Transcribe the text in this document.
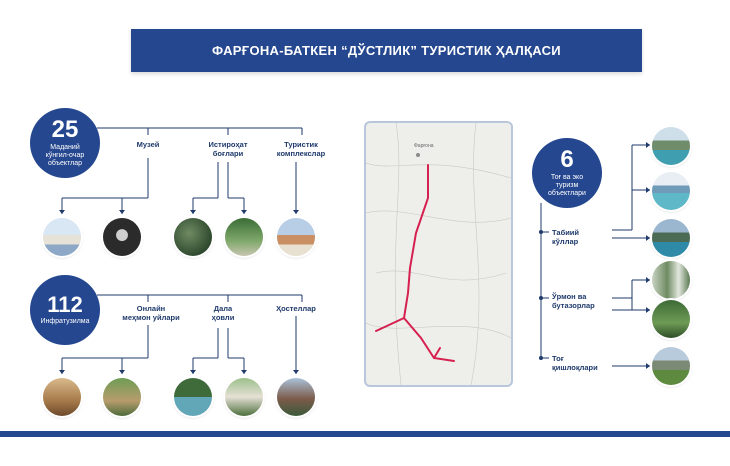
ФАРҒОНА-БАТКЕН “ДЎСТЛИК” ТУРИСТИК ҲАЛҚАСИ
25
Маданий кўнгил-очар объектлар
Музей	Истироҳат боғлари
Туристик комплекслар
112
Инфратузилма
Онлайн меҳмон уйлари
Дала ҳовли
Ҳостеллар
Фарғона	6
Тоғ ва эко туризм объектлари
Табиий кўллар
Ўрмон ва бутазорлар
Тоғ қишлоқлари
